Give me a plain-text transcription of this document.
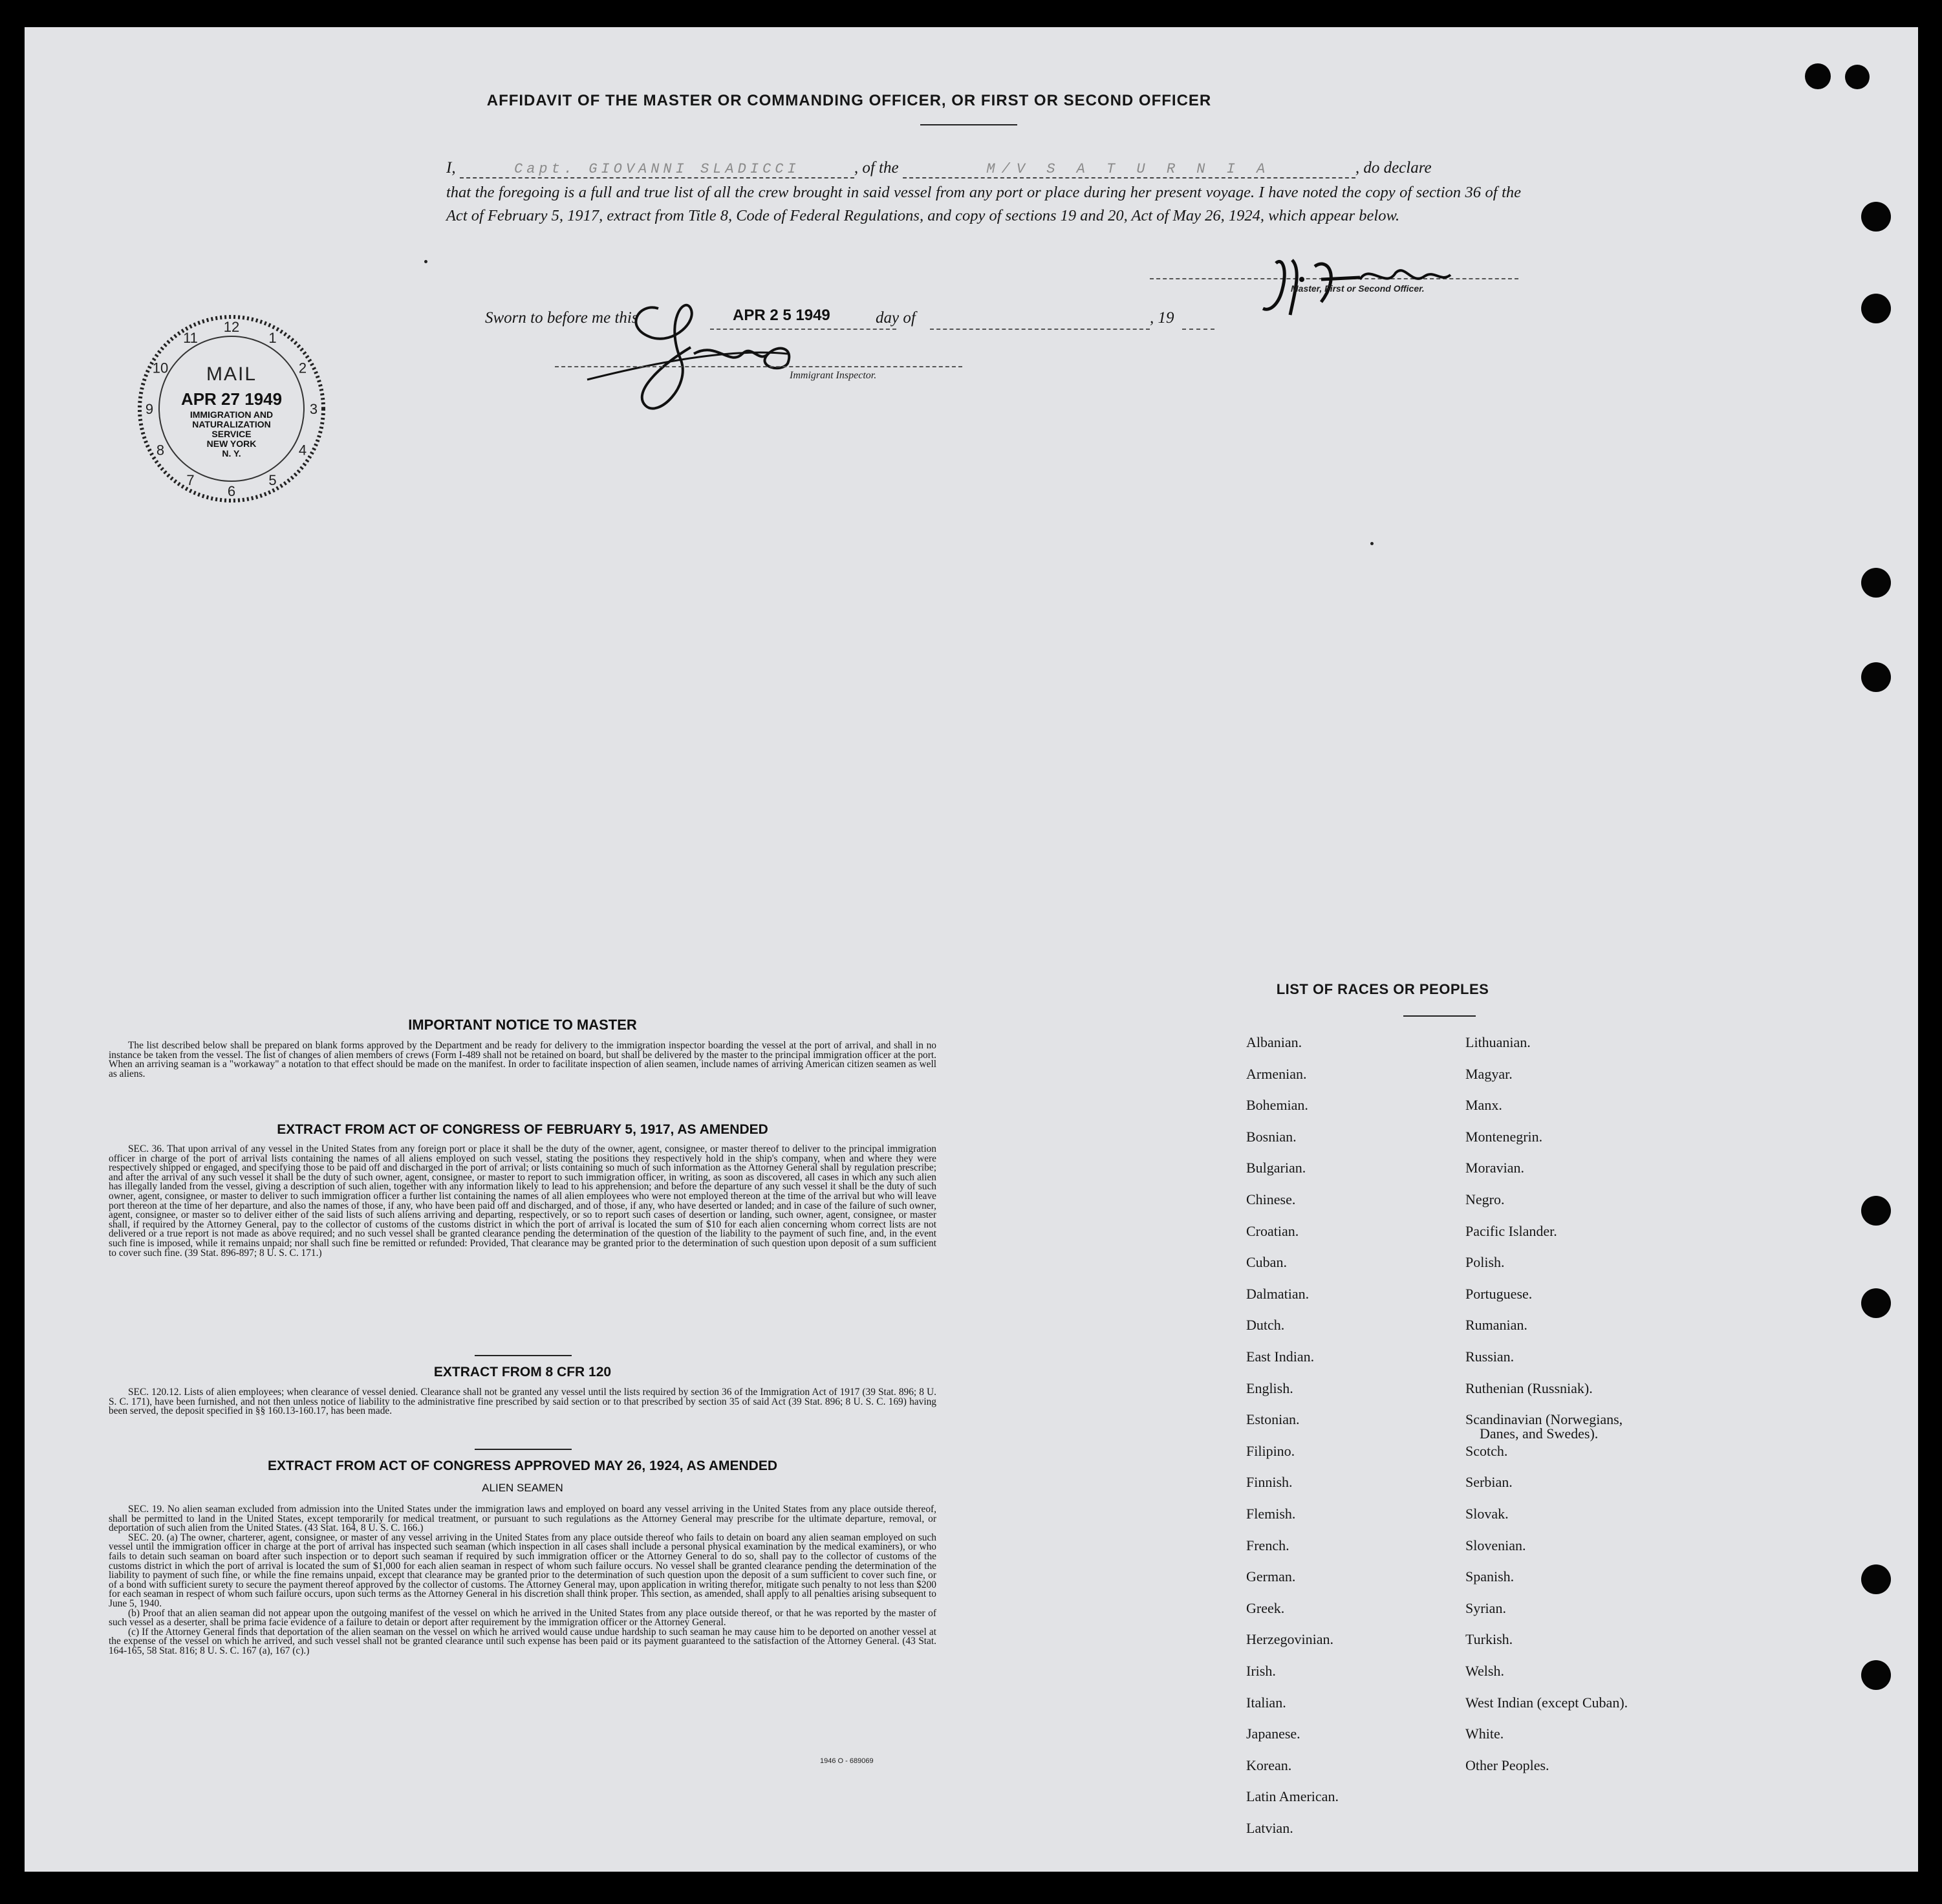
AFFIDAVIT OF THE MASTER OR COMMANDING OFFICER, OR FIRST OR SECOND OFFICER
I,	Capt. GIOVANNI SLADICCI	, of the	M/V S A T U R N I A	, do declare
that the foregoing is a full and true list of all the crew brought in said vessel from any port or place during her present voyage. I have noted the copy of section 36 of the Act of February 5, 1917, extract from Title 8, Code of Federal Regulations, and copy of sections 19 and 20, Act of May 26, 1924, which appear below.
Master, First or Second Officer.
Sworn to before me this	APR 2 5 1949	day of	, 19
Immigrant Inspector.
12
1
2
3
4
5
6
7
8
9
10
11
MAIL
APR 27 1949
IMMIGRATION AND
NATURALIZATION
SERVICE
NEW YORK
N. Y.
IMPORTANT NOTICE TO MASTER
The list described below shall be prepared on blank forms approved by the Department and be ready for delivery to the immigration inspector boarding the vessel at the port of arrival, and shall in no instance be taken from the vessel. The list of changes of alien members of crews (Form I-489 shall not be retained on board, but shall be delivered by the master to the principal immigration officer at the port. When an arriving seaman is a "workaway" a notation to that effect should be made on the manifest. In order to facilitate inspection of alien seamen, include names of arriving American citizen seamen as well as aliens.
EXTRACT FROM ACT OF CONGRESS OF FEBRUARY 5, 1917, AS AMENDED
SEC. 36. That upon arrival of any vessel in the United States from any foreign port or place it shall be the duty of the owner, agent, consignee, or master thereof to deliver to the principal immigration officer in charge of the port of arrival lists containing the names of all aliens employed on such vessel, stating the positions they respectively hold in the ship's company, when and where they were respectively shipped or engaged, and specifying those to be paid off and discharged in the port of arrival; or lists containing so much of such information as the Attorney General shall by regulation prescribe; and after the arrival of any such vessel it shall be the duty of such owner, agent, consignee, or master to report to such immigration officer, in writing, as soon as discovered, all cases in which any such alien has illegally landed from the vessel, giving a description of such alien, together with any information likely to lead to his apprehension; and before the departure of any such vessel it shall be the duty of such owner, agent, consignee, or master to deliver to such immigration officer a further list containing the names of all alien employees who were not employed thereon at the time of the arrival but who will leave port thereon at the time of her departure, and also the names of those, if any, who have been paid off and discharged, and of those, if any, who have deserted or landed; and in case of the failure of such owner, agent, consignee, or master so to deliver either of the said lists of such aliens arriving and departing, respectively, or so to report such cases of desertion or landing, such owner, agent, consignee, or master shall, if required by the Attorney General, pay to the collector of customs of the customs district in which the port of arrival is located the sum of $10 for each alien concerning whom correct lists are not delivered or a true report is not made as above required; and no such vessel shall be granted clearance pending the determination of the question of the liability to the payment of such fine, and, in the event such fine is imposed, while it remains unpaid; nor shall such fine be remitted or refunded: Provided, That clearance may be granted prior to the determination of such question upon deposit of a sum sufficient to cover such fine. (39 Stat. 896-897; 8 U. S. C. 171.)
EXTRACT FROM 8 CFR 120
SEC. 120.12. Lists of alien employees; when clearance of vessel denied. Clearance shall not be granted any vessel until the lists required by section 36 of the Immigration Act of 1917 (39 Stat. 896; 8 U. S. C. 171), have been furnished, and not then unless notice of liability to the administrative fine prescribed by said section or to that prescribed by section 35 of said Act (39 Stat. 896; 8 U. S. C. 169) having been served, the deposit specified in §§ 160.13-160.17, has been made.
EXTRACT FROM ACT OF CONGRESS APPROVED MAY 26, 1924, AS AMENDED
ALIEN SEAMEN
SEC. 19. No alien seaman excluded from admission into the United States under the immigration laws and employed on board any vessel arriving in the United States from any place outside thereof, shall be permitted to land in the United States, except temporarily for medical treatment, or pursuant to such regulations as the Attorney General may prescribe for the ultimate departure, removal, or deportation of such alien from the United States. (43 Stat. 164, 8 U. S. C. 166.)
SEC. 20. (a) The owner, charterer, agent, consignee, or master of any vessel arriving in the United States from any place outside thereof who fails to detain on board any alien seaman employed on such vessel until the immigration officer in charge at the port of arrival has inspected such seaman (which inspection in all cases shall include a personal physical examination by the medical examiners), or who fails to detain such seaman on board after such inspection or to deport such seaman if required by such immigration officer or the Attorney General to do so, shall pay to the collector of customs of the customs district in which the port of arrival is located the sum of $1,000 for each alien seaman in respect of whom such failure occurs. No vessel shall be granted clearance pending the determination of the liability to payment of such fine, or while the fine remains unpaid, except that clearance may be granted prior to the determination of such question upon the deposit of a sum sufficient to cover such fine, or of a bond with sufficient surety to secure the payment thereof approved by the collector of customs. The Attorney General may, upon application in writing therefor, mitigate such penalty to not less than $200 for each seaman in respect of whom such failure occurs, upon such terms as the Attorney General in his discretion shall think proper. This section, as amended, shall apply to all penalties arising subsequent to June 5, 1940.
(b) Proof that an alien seaman did not appear upon the outgoing manifest of the vessel on which he arrived in the United States from any place outside thereof, or that he was reported by the master of such vessel as a deserter, shall be prima facie evidence of a failure to detain or deport after requirement by the immigration officer or the Attorney General.
(c) If the Attorney General finds that deportation of the alien seaman on the vessel on which he arrived would cause undue hardship to such seaman he may cause him to be deported on another vessel at the expense of the vessel on which he arrived, and such vessel shall not be granted clearance until such expense has been paid or its payment guaranteed to the satisfaction of the Attorney General. (43 Stat. 164-165, 58 Stat. 816; 8 U. S. C. 167 (a), 167 (c).)
1946 O - 689069
LIST OF RACES OR PEOPLES
Albanian.
Armenian.
Bohemian.
Bosnian.
Bulgarian.
Chinese.
Croatian.
Cuban.
Dalmatian.
Dutch.
East Indian.
English.
Estonian.
Filipino.
Finnish.
Flemish.
French.
German.
Greek.
Herzegovinian.
Irish.
Italian.
Japanese.
Korean.
Latin American.
Latvian.
Lithuanian.
Magyar.
Manx.
Montenegrin.
Moravian.
Negro.
Pacific Islander.
Polish.
Portuguese.
Rumanian.
Russian.
Ruthenian (Russniak).
Scandinavian (Norwegians,
Danes, and Swedes).
Scotch.
Serbian.
Slovak.
Slovenian.
Spanish.
Syrian.
Turkish.
Welsh.
West Indian (except Cuban).
White.
Other Peoples.
